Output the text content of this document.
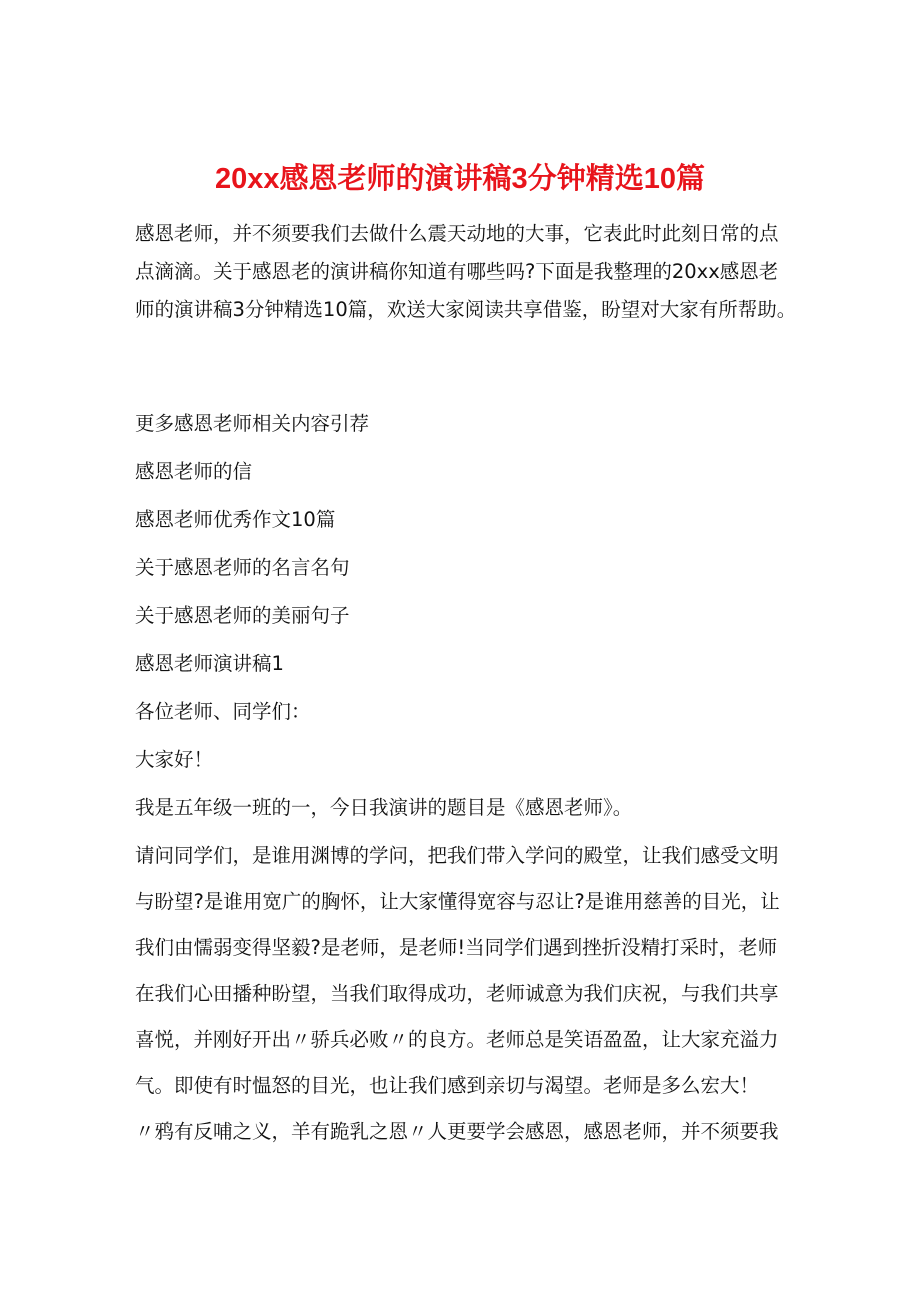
20xx感恩老师的演讲稿3分钟精选10篇

感恩老师，并不须要我们去做什么震天动地的大事，它表此时此刻日常的点

点滴滴。关于感恩老的演讲稿你知道有哪些吗?下面是我整理的20xx感恩老

师的演讲稿3分钟精选10篇，欢送大家阅读共享借鉴，盼望对大家有所帮助。

更多感恩老师相关内容引荐

感恩老师的信

感恩老师优秀作文10篇

关于感恩老师的名言名句

关于感恩老师的美丽句子

感恩老师演讲稿1

各位老师、同学们：

大家好！

我是五年级一班的一，今日我演讲的题目是《感恩老师》。

请问同学们，是谁用渊博的学问，把我们带入学问的殿堂，让我们感受文明

与盼望?是谁用宽广的胸怀，让大家懂得宽容与忍让?是谁用慈善的目光，让

我们由懦弱变得坚毅?是老师，是老师!当同学们遇到挫折没精打采时，老师

在我们心田播种盼望，当我们取得成功，老师诚意为我们庆祝，与我们共享

喜悦，并刚好开出〃骄兵必败〃的良方。老师总是笑语盈盈，让大家充溢力

气。即使有时愠怒的目光，也让我们感到亲切与渴望。老师是多么宏大！

〃鸦有反哺之义，羊有跪乳之恩〃人更要学会感恩，感恩老师，并不须要我
